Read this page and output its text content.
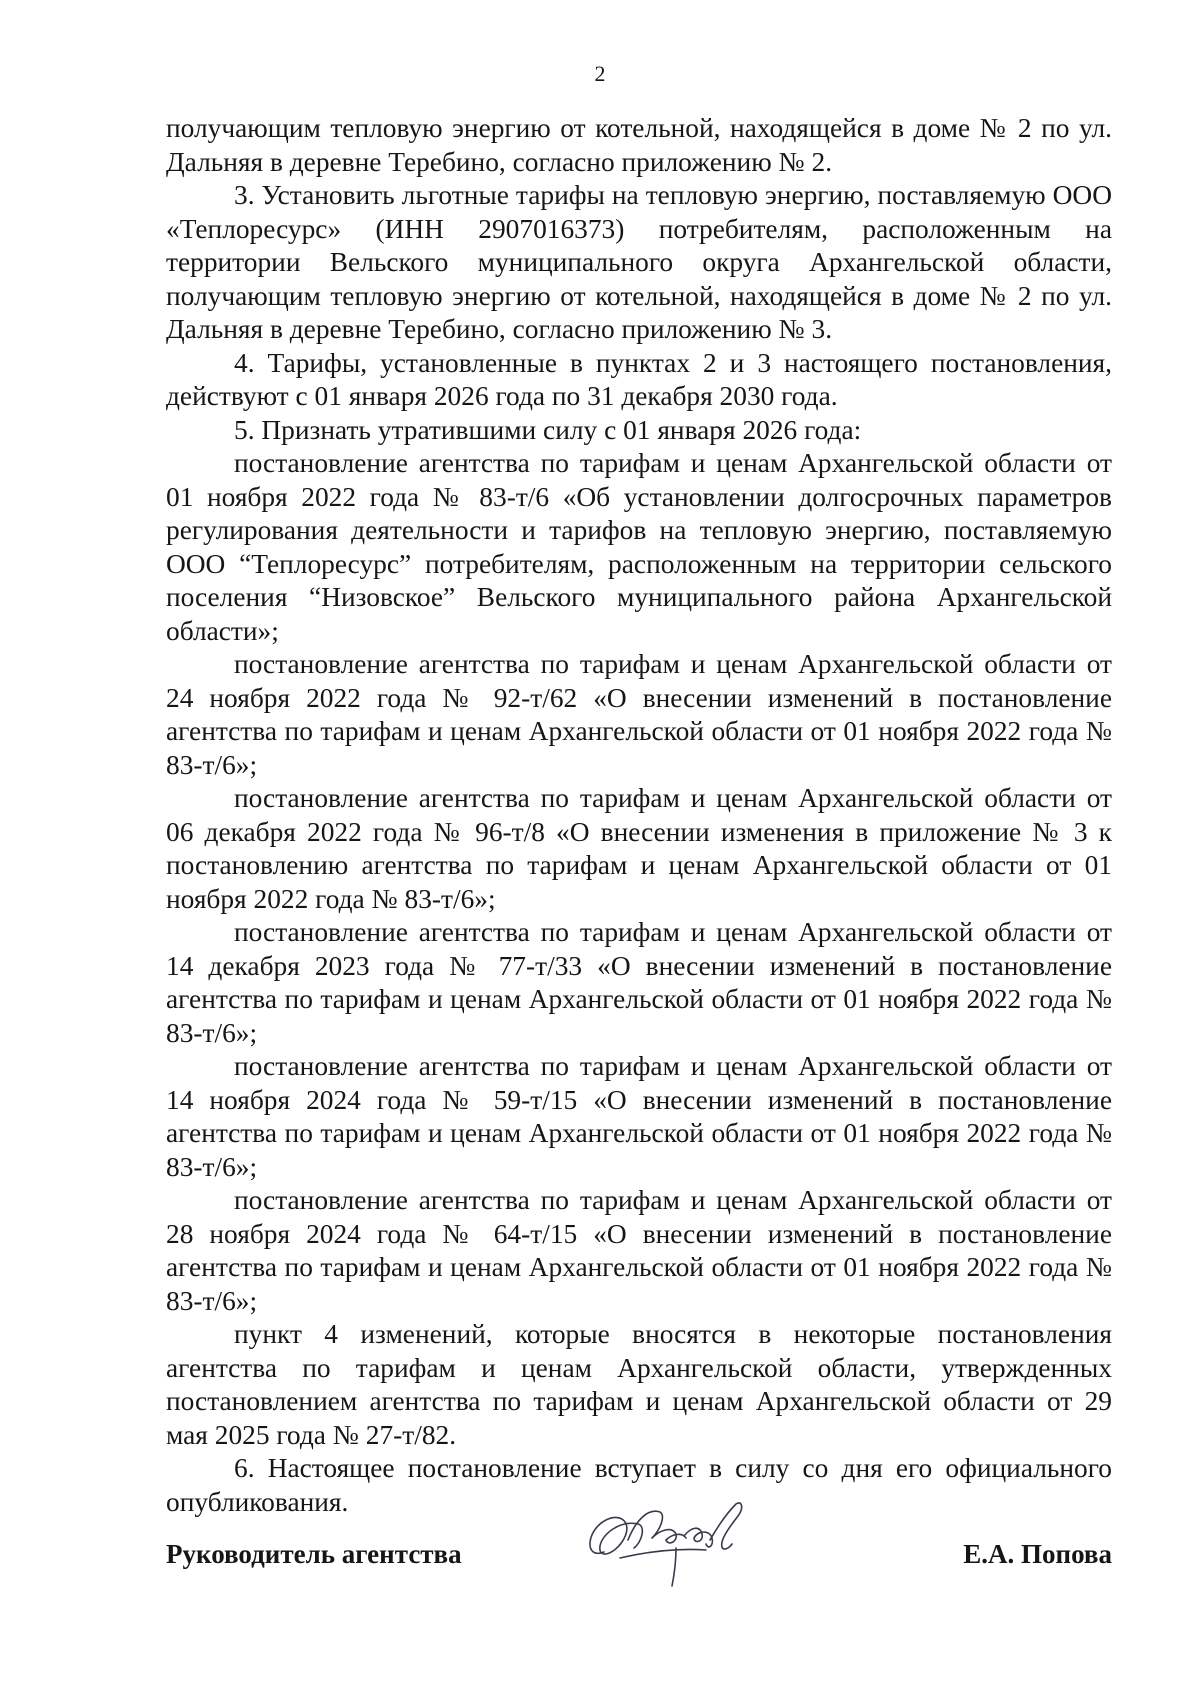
2

получающим тепловую энергию от котельной, находящейся в доме № 2 по ул. Дальняя в деревне Теребино, согласно приложению № 2.

3. Установить льготные тарифы на тепловую энергию, поставляемую ООО «Теплоресурс» (ИНН 2907016373) потребителям, расположенным на территории Вельского муниципального округа Архангельской области, получающим тепловую энергию от котельной, находящейся в доме № 2 по ул. Дальняя в деревне Теребино, согласно приложению № 3.

4. Тарифы, установленные в пунктах 2 и 3 настоящего постановления, действуют с 01 января 2026 года по 31 декабря 2030 года.

5. Признать утратившими силу с 01 января 2026 года:

постановление агентства по тарифам и ценам Архангельской области от 01 ноября 2022 года № 83-т/6 «Об установлении долгосрочных параметров регулирования деятельности и тарифов на тепловую энергию, поставляемую ООО “Теплоресурс” потребителям, расположенным на территории сельского поселения “Низовское” Вельского муниципального района Архангельской области»;

постановление агентства по тарифам и ценам Архангельской области от 24 ноября 2022 года № 92-т/62 «О внесении изменений в постановление агентства по тарифам и ценам Архангельской области от 01 ноября 2022 года № 83-т/6»;

постановление агентства по тарифам и ценам Архангельской области от 06 декабря 2022 года № 96-т/8 «О внесении изменения в приложение № 3 к постановлению агентства по тарифам и ценам Архангельской области от 01 ноября 2022 года № 83-т/6»;

постановление агентства по тарифам и ценам Архангельской области от 14 декабря 2023 года № 77-т/33 «О внесении изменений в постановление агентства по тарифам и ценам Архангельской области от 01 ноября 2022 года № 83-т/6»;

постановление агентства по тарифам и ценам Архангельской области от 14 ноября 2024 года № 59-т/15 «О внесении изменений в постановление агентства по тарифам и ценам Архангельской области от 01 ноября 2022 года № 83-т/6»;

постановление агентства по тарифам и ценам Архангельской области от 28 ноября 2024 года № 64-т/15 «О внесении изменений в постановление агентства по тарифам и ценам Архангельской области от 01 ноября 2022 года № 83-т/6»;

пункт 4 изменений, которые вносятся в некоторые постановления агентства по тарифам и ценам Архангельской области, утвержденных постановлением агентства по тарифам и ценам Архангельской области от 29 мая 2025 года № 27-т/82.

6. Настоящее постановление вступает в силу со дня его официального опубликования.

Руководитель агентства	Е.А. Попова
